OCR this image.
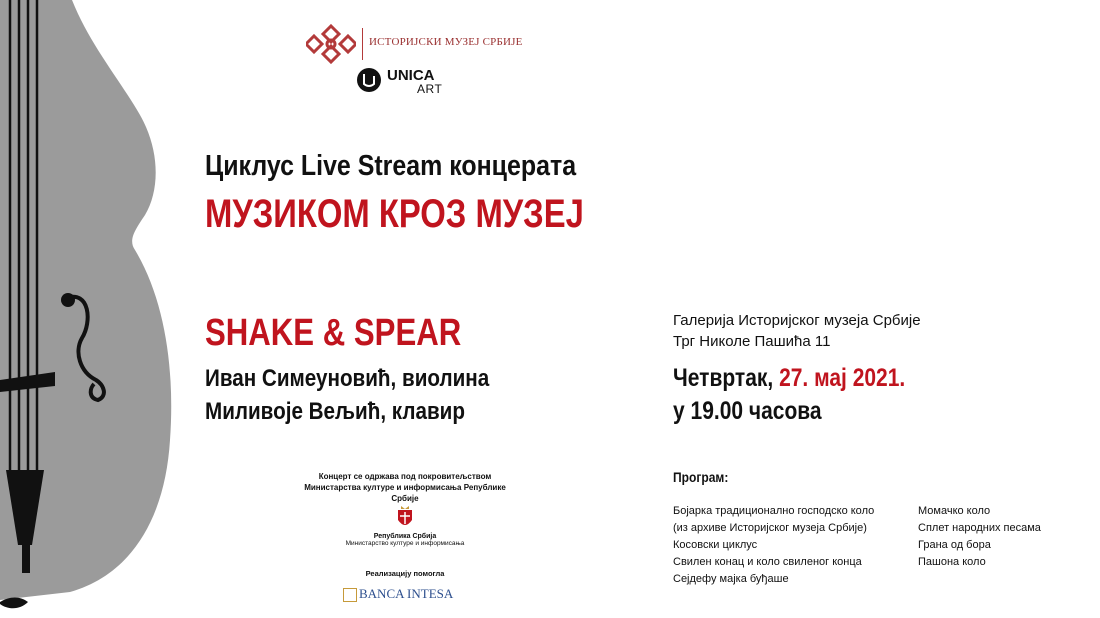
ИСТОРИЈСКИ МУЗЕЈ СРБИЈЕ
UNICA
ART
Циклус Live Stream концерата
МУЗИКОМ КРОЗ МУЗЕЈ
SHAKE & SPEAR
Иван Симеуновић, виолина
Миливоје Вељић, клавир
Галерија Историјског музеја Србије
Трг Николе Пашића 11
Четвртак, 27. мај 2021.
у 19.00 часова
Концерт се одржава под покровитељством
Министарства културе и информисања Републике Србије
Република Србија
Министарство културе и информисања
Реализацију помогла
BANCA INTESA
Програм:
Бојарка традиционално господско коло
(из архиве Историјског музеја Србије)
Косовски циклус
Свилен конац и коло свиленог конца
Сејдефу мајка буђаше
Момачко коло
Сплет народних песама
Грана од бора
Пашона коло
